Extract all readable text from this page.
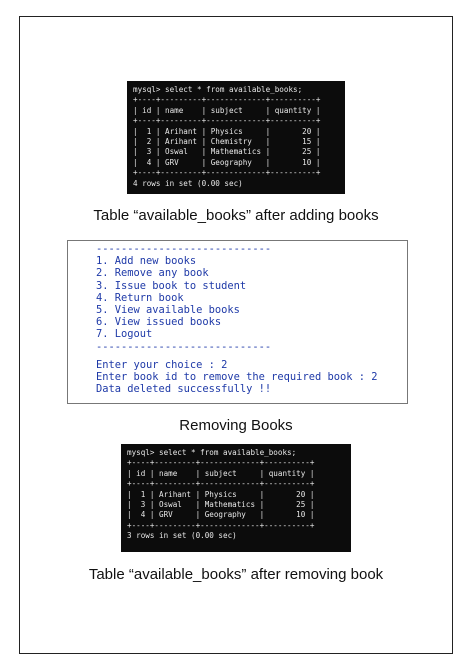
mysql> select * from available_books;
+----+---------+-------------+----------+
| id | name    | subject     | quantity |
+----+---------+-------------+----------+
|  1 | Arihant | Physics     |       20 |
|  2 | Arihant | Chemistry   |       15 |
|  3 | Oswal   | Mathematics |       25 |
|  4 | GRV     | Geography   |       10 |
+----+---------+-------------+----------+
4 rows in set (0.00 sec)
Table “available_books” after adding books
----------------------------
1. Add new books
2. Remove any book
3. Issue book to student
4. Return book
5. View available books
6. View issued books
7. Logout
----------------------------
Enter your choice : 2
Enter book id to remove the required book : 2
Data deleted successfully !!
Removing Books
mysql> select * from available_books;
+----+---------+-------------+----------+
| id | name    | subject     | quantity |
+----+---------+-------------+----------+
|  1 | Arihant | Physics     |       20 |
|  3 | Oswal   | Mathematics |       25 |
|  4 | GRV     | Geography   |       10 |
+----+---------+-------------+----------+
3 rows in set (0.00 sec)
Table “available_books” after removing book
